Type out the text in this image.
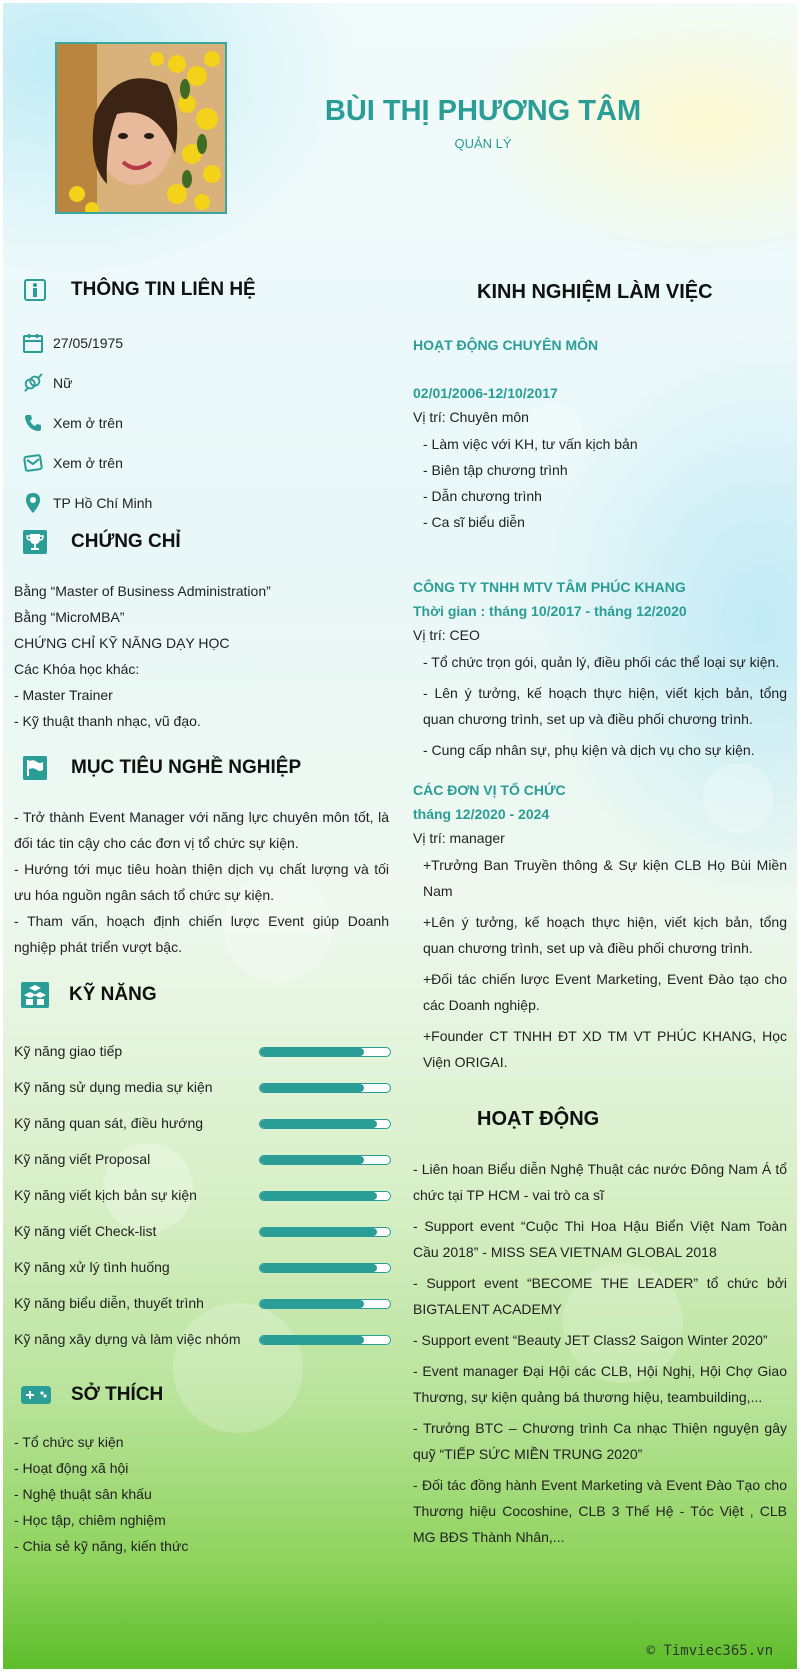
BÙI THỊ PHƯƠNG TÂM
QUẢN LÝ
THÔNG TIN LIÊN HỆ
27/05/1975
Nữ
Xem ở trên
Xem ở trên
TP Hồ Chí Minh
CHỨNG CHỈ
Bằng “Master of Business Administration”
Bằng “MicroMBA”
CHỨNG CHỈ KỸ NĂNG DẠY HỌC
Các Khóa học khác:
- Master Trainer
- Kỹ thuật thanh nhạc, vũ đạo.
MỤC TIÊU NGHỀ NGHIỆP
- Trở thành Event Manager với năng lực chuyên môn tốt, là đối tác tin cậy cho các đơn vị tổ chức sự kiện.
- Hướng tới mục tiêu hoàn thiện dịch vụ chất lượng và tối ưu hóa nguồn ngân sách tổ chức sự kiện.
- Tham vấn, hoạch định chiến lược Event giúp Doanh nghiệp phát triển vượt bậc.
KỸ NĂNG
Kỹ năng giao tiếp
Kỹ năng sử dụng media sự kiện
Kỹ năng quan sát, điều hướng
Kỹ năng viết Proposal
Kỹ năng viết kịch bản sự kiện
Kỹ năng viết Check-list
Kỹ năng xử lý tình huống
Kỹ năng biểu diễn, thuyết trình
Kỹ năng xây dựng và làm việc nhóm
SỞ THÍCH
- Tổ chức sự kiện
- Hoạt động xã hội
- Nghệ thuật sân khấu
- Học tập, chiêm nghiệm
- Chia sẻ kỹ năng, kiến thức
KINH NGHIỆM LÀM VIỆC
HOẠT ĐỘNG CHUYÊN MÔN
02/01/2006-12/10/2017
Vị trí: Chuyên môn
- Làm việc với KH, tư vấn kịch bản
- Biên tập chương trình
- Dẫn chương trình
- Ca sĩ biểu diễn
CÔNG TY TNHH MTV TÂM PHÚC KHANG
Thời gian : tháng 10/2017 - tháng 12/2020
Vị trí: CEO
- Tổ chức trọn gói, quản lý, điều phối các thể loại sự kiện.
- Lên ý tưởng, kế hoạch thực hiện, viết kịch bản, tổng quan chương trình, set up và điều phối chương trình.
- Cung cấp nhân sự, phụ kiện và dịch vụ cho sự kiện.
CÁC ĐƠN VỊ TỔ CHỨC
tháng 12/2020 - 2024
Vị trí: manager
+Trưởng Ban Truyền thông & Sự kiện CLB Họ Bùi Miền Nam
+Lên ý tưởng, kế hoạch thực hiện, viết kịch bản, tổng quan chương trình, set up và điều phối chương trình.
+Đối tác chiến lược Event Marketing, Event Đào tạo cho các Doanh nghiệp.
+Founder CT TNHH ĐT XD TM VT PHÚC KHANG, Học Viện ORIGAI.
HOẠT ĐỘNG
- Liên hoan Biểu diễn Nghệ Thuật các nước Đông Nam Á tổ chức tại TP HCM - vai trò ca sĩ
- Support event “Cuộc Thi Hoa Hậu Biển Việt Nam Toàn Cầu 2018” - MISS SEA VIETNAM GLOBAL 2018
- Support event “BECOME THE LEADER” tổ chức bởi BIGTALENT ACADEMY
- Support event “Beauty JET Class2 Saigon Winter 2020”
- Event manager Đại Hội các CLB, Hội Nghị, Hội Chợ Giao Thương, sự kiện quảng bá thương hiệu, teambuilding,...
- Trưởng BTC – Chương trình Ca nhạc Thiện nguyện gây quỹ “TIẾP SỨC MIỀN TRUNG 2020”
- Đối tác đồng hành Event Marketing và Event Đào Tạo cho Thương hiệu Cocoshine, CLB 3 Thế Hệ - Tóc Việt , CLB MG BĐS Thành Nhân,...
© Timviec365.vn
